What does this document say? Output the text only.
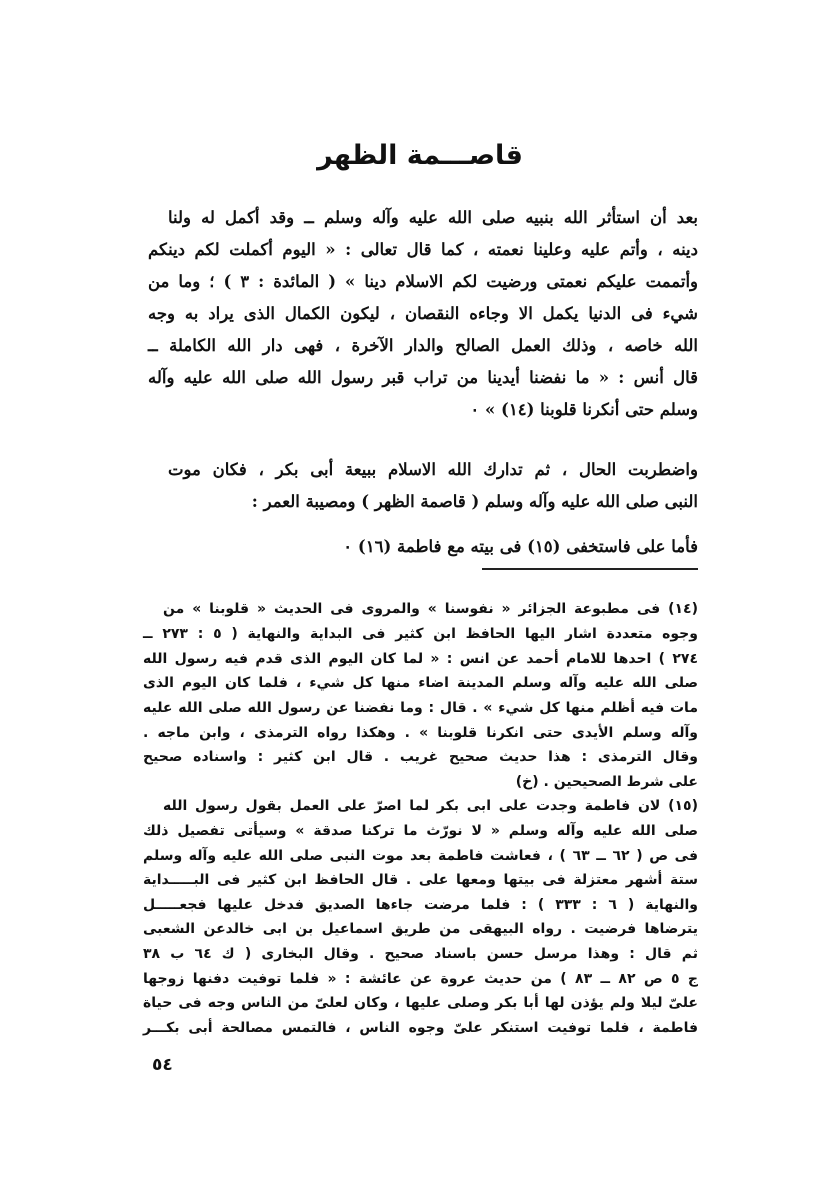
قاصـــمة الظهر
بعد أن استأثر الله بنبيه صلى الله عليه وآله وسلم ــ وقد أكمل له ولنا
دينه ، وأتم عليه وعلينا نعمته ، كما قال تعالى : « اليوم أكملت لكم دينكم
وأتممت عليكم نعمتى ورضيت لكم الاسلام دينا » ( المائدة : ٣ ) ؛ وما من
شيء فى الدنيا يكمل الا وجاءه النقصان ، ليكون الكمال الذى يراد به وجه
الله خاصه ، وذلك العمل الصالح والدار الآخرة ، فهى دار الله الكاملة ــ
قال أنس : « ما نفضنا أيدينا من تراب قبر رسول الله صلى الله عليه وآله
وسلم حتى أنكرنا قلوبنا (١٤) » ٠
واضطربت الحال ، ثم تدارك الله الاسلام ببيعة أبى بكر ، فكان موت
النبى صلى الله عليه وآله وسلم ( قاصمة الظهر ) ومصيبة العمر :
فأما على فاستخفى (١٥) فى بيته مع فاطمة (١٦) ٠
(١٤) فى مطبوعة الجزائر « نفوسنا » والمروى فى الحديث « قلوبنا » من
وجوه متعددة اشار اليها الحافظ ابن كثير فى البداية والنهاية ( ٥ : ٢٧٣ ــ
٢٧٤ ) احدها للامام أحمد عن انس : « لما كان اليوم الذى قدم فيه رسول الله
صلى الله عليه وآله وسلم المدينة اضاء منها كل شيء ، فلما كان اليوم الذى
مات فيه أظلم منها كل شيء » . قال : وما نفضنا عن رسول الله صلى الله عليه
وآله وسلم الأيدى حتى انكرنا قلوبنا » . وهكذا رواه الترمذى ، وابن ماجه .
وقال الترمذى : هذا حديث صحيح غريب . قال ابن كثير : واسناده صحيح
على شرط الصحيحين . (خ)
(١٥) لان فاطمة وجدت على ابى بكر لما اصرّ على العمل بقول رسول الله
صلى الله عليه وآله وسلم « لا نورّث ما تركنا صدقة » وسيأتى تفصيل ذلك
فى ص ( ٦٢ ــ ٦٣ ) ، فعاشت فاطمة بعد موت النبى صلى الله عليه وآله وسلم
ستة أشهر معتزلة فى بيتها ومعها على . قال الحافظ ابن كثير فى البـــــداية
والنهاية ( ٦ : ٣٣٣ ) : فلما مرضت جاءها الصديق فدخل عليها فجعـــــل
يترضاها فرضيت . رواه البيهقى من طريق اسماعيل بن ابى خالدعن الشعبى
ثم قال : وهذا مرسل حسن باسناد صحيح . وقال البخارى ( ك ٦٤ ب ٣٨
ج ٥ ص ٨٢ ــ ٨٣ ) من حديث عروة عن عائشة : « فلما توفيت دفنها زوجها
علىّ ليلا ولم يؤذن لها أبا بكر وصلى عليها ، وكان لعلىّ من الناس وجه فى حياة
فاطمة ، فلما توفيت استنكر علىّ وجوه الناس ، فالتمس مصالحة أبى بكـــر
٥٤
